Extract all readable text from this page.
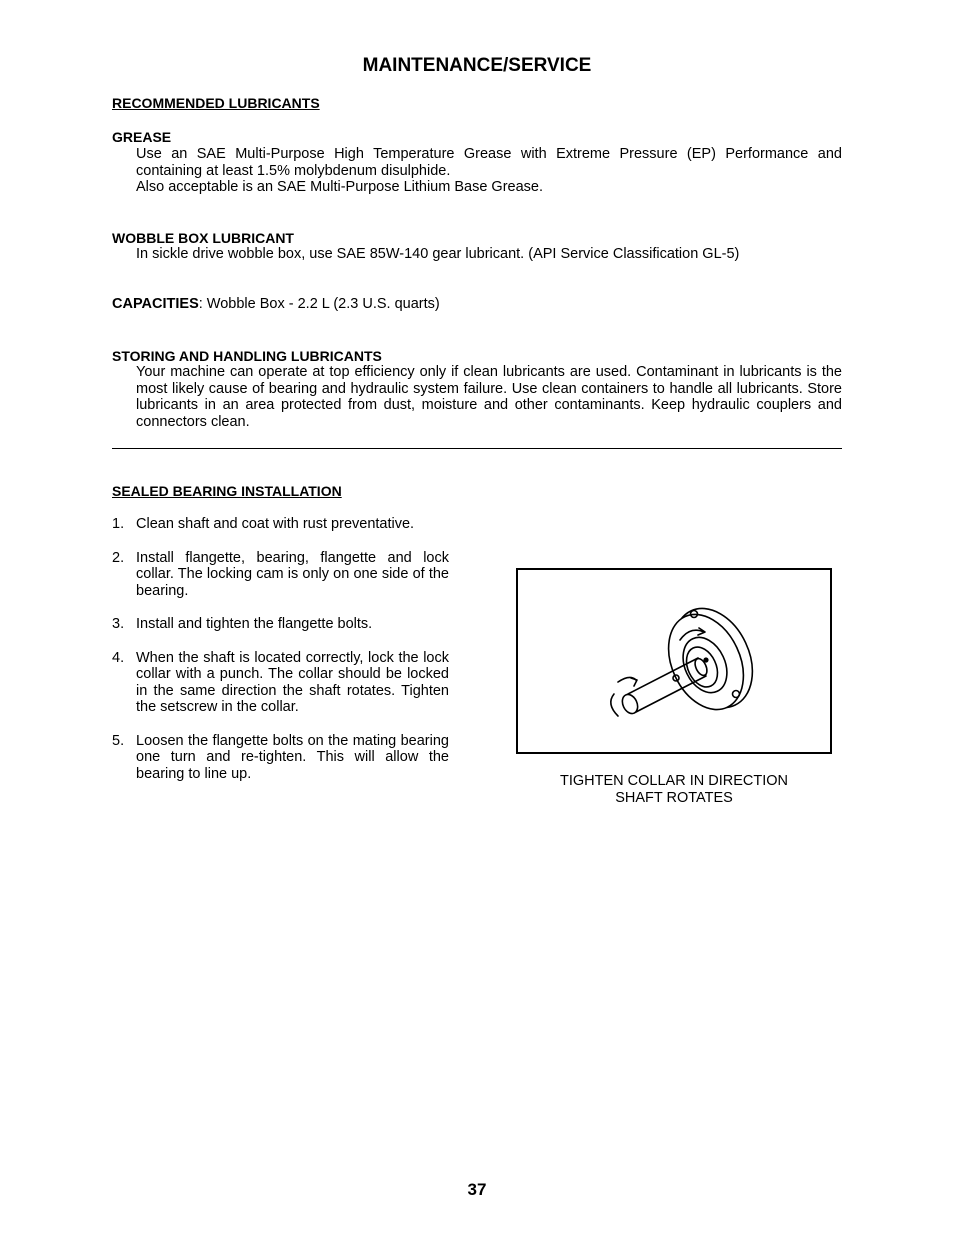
MAINTENANCE/SERVICE
RECOMMENDED LUBRICANTS
GREASE

Use an SAE Multi-Purpose High Temperature Grease with Extreme Pressure (EP) Performance and containing at least 1.5% molybdenum disulphide.

Also acceptable is an SAE Multi-Purpose Lithium Base Grease.

WOBBLE BOX LUBRICANT
In sickle drive wobble box, use SAE 85W-140 gear lubricant. (API Service Classification GL-5)
CAPACITIES: Wobble Box - 2.2 L (2.3 U.S. quarts)
STORING AND HANDLING LUBRICANTS
Your machine can operate at top efficiency only if clean lubricants are used. Contaminant in lubricants is the most likely cause of bearing and hydraulic system failure. Use clean containers to handle all lubricants. Store lubricants in an area protected from dust, moisture and other contaminants. Keep hydraulic couplers and connectors clean.
SEALED BEARING INSTALLATION
1. Clean shaft and coat with rust preventative.
2. Install flangette, bearing, flangette and lock collar. The locking cam is only on one side of the bearing.
3. Install and tighten the flangette bolts.
4. When the shaft is located correctly, lock the lock collar with a punch. The collar should be locked in the same direction the shaft rotates. Tighten the setscrew in the collar.
5. Loosen the flangette bolts on the mating bearing one turn and re-tighten. This will allow the bearing to line up.	TIGHTEN COLLAR IN DIRECTION
SHAFT ROTATES
37
